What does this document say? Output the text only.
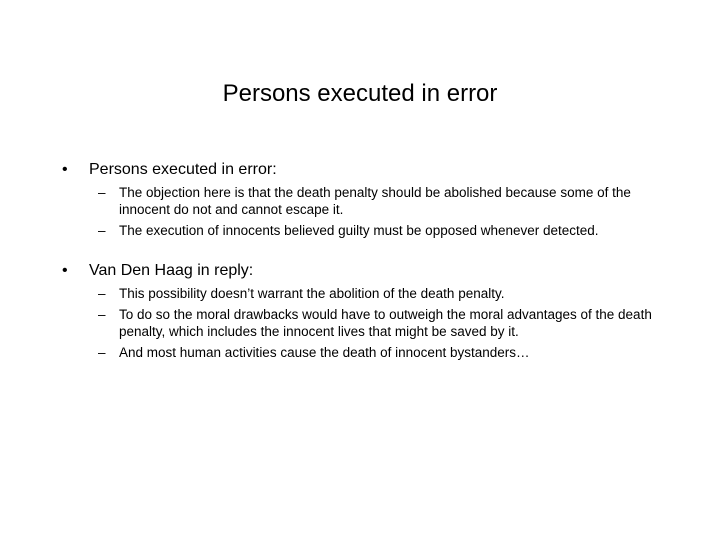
Persons executed in error
• Persons executed in error:
– The objection here is that the death penalty should be abolished because some of the innocent do not and cannot escape it.
– The execution of innocents believed guilty must be opposed whenever detected.
• Van Den Haag in reply:
– This possibility doesn’t warrant the abolition of the death penalty.
– To do so the moral drawbacks would have to outweigh the moral advantages of the death penalty, which includes the innocent lives that might be saved by it.
– And most human activities cause the death of innocent bystanders…
